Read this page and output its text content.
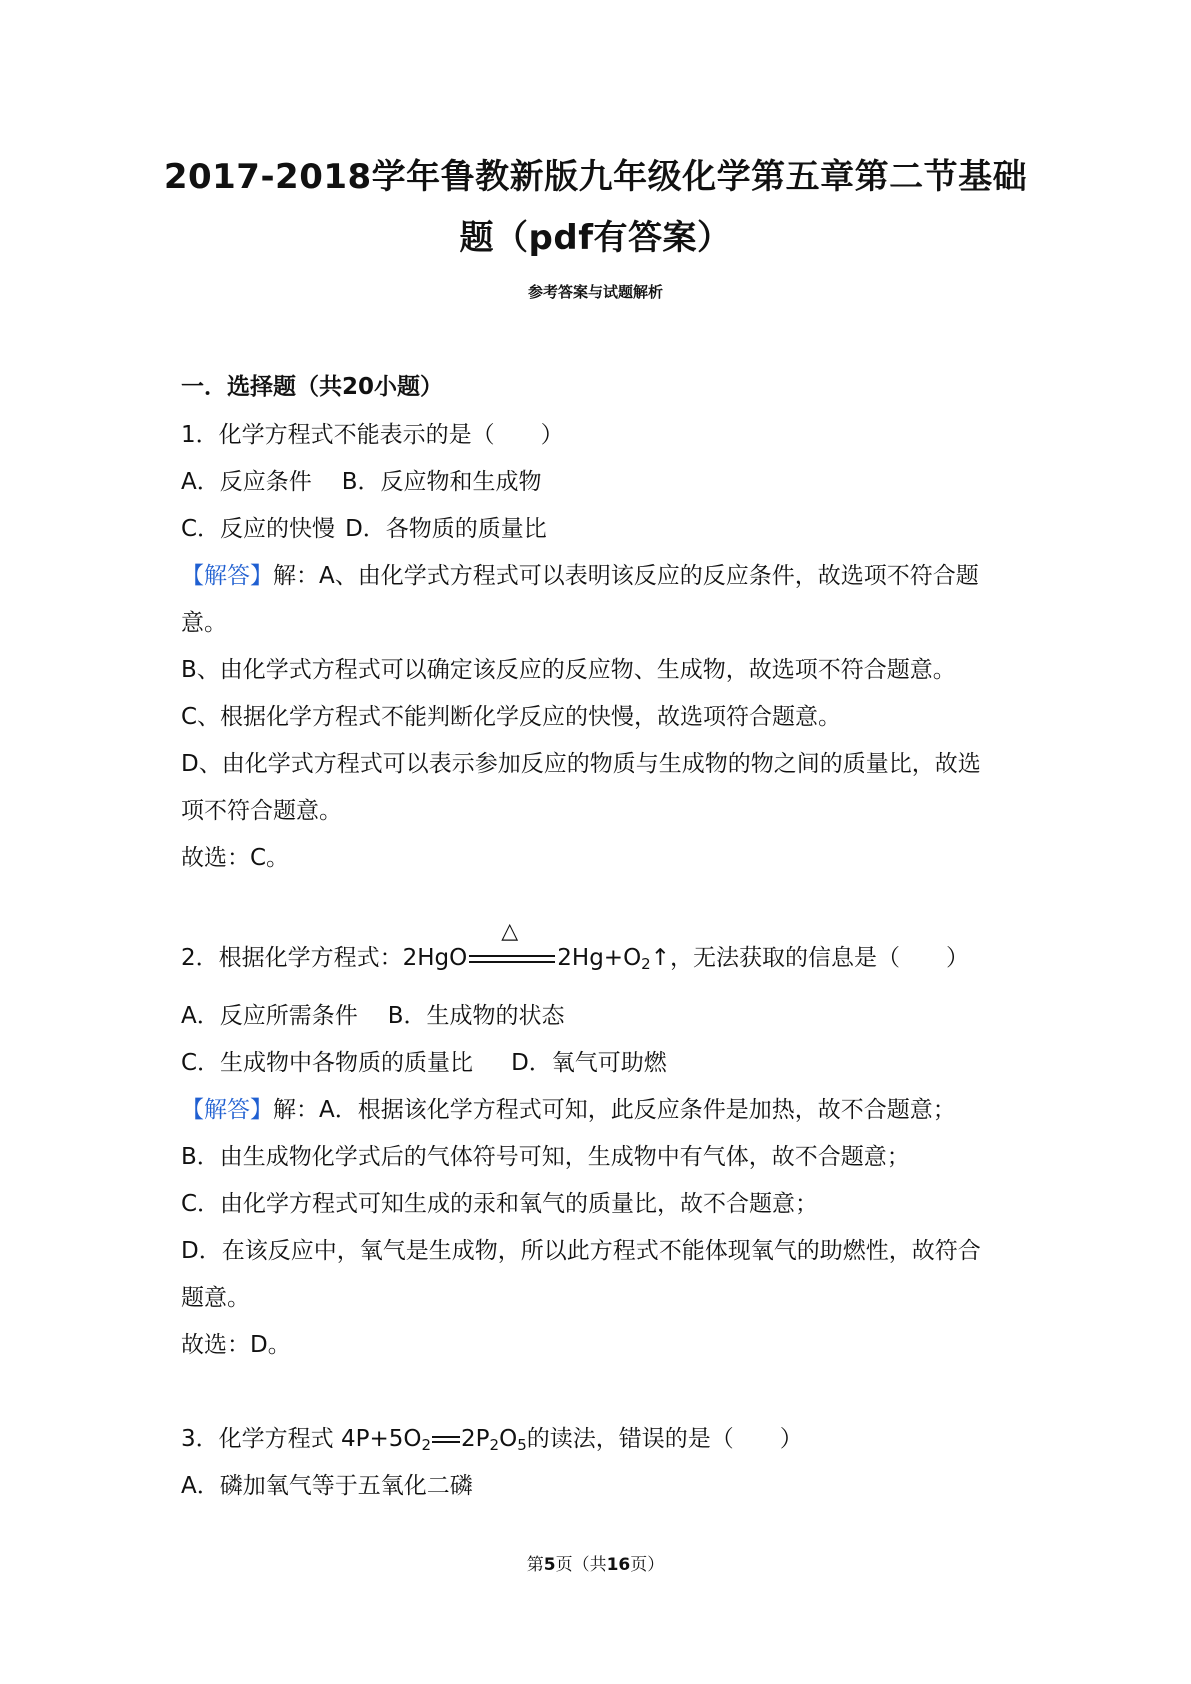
2017-2018学年鲁教新版九年级化学第五章第二节基础
题（pdf有答案）
参考答案与试题解析
一．选择题（共20小题）
1．化学方程式不能表示的是（　　）
A．反应条件 B．反应物和生成物
C．反应的快慢 D．各物质的质量比
【解答】解：A、由化学式方程式可以表明该反应的反应条件，故选项不符合题
意。
B、由化学式方程式可以确定该反应的反应物、生成物，故选项不符合题意。
C、根据化学方程式不能判断化学反应的快慢，故选项符合题意。
D、由化学式方程式可以表示参加反应的物质与生成物的物之间的质量比，故选
项不符合题意。
故选：C。
2．根据化学方程式：2HgO
△
$2Hg+O_2↑$，无法获取的信息是（　　）
A．反应所需条件 B．生成物的状态
C．生成物中各物质的质量比 D．氧气可助燃
【解答】解：A．根据该化学方程式可知，此反应条件是加热，故不合题意；
B．由生成物化学式后的气体符号可知，生成物中有气体，故不合题意；
C．由化学方程式可知生成的汞和氧气的质量比，故不合题意；
D．在该反应中，氧气是生成物，所以此方程式不能体现氧气的助燃性，故符合
题意。
故选：D。
3．化学方程式 $4P+5O_2$ $2P_2O_5$的读法，错误的是（　　）
A．磷加氧气等于五氧化二磷
第5页（共16页）
